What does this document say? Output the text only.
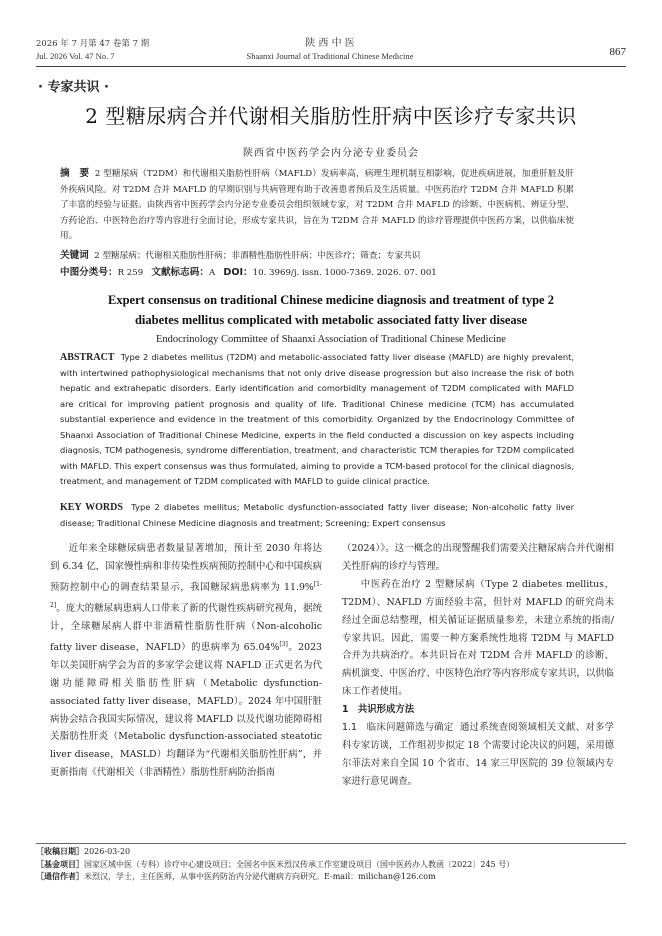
2026 年 7 月第 47 卷第 7 期
Jul. 2026 Vol. 47 No. 7
陕 西 中 医
Shaanxi Journal of Traditional Chinese Medicine	867
· 专家共识 ·
2 型糖尿病合并代谢相关脂肪性肝病中医诊疗专家共识
陕西省中医药学会内分泌专业委员会
摘　要 2 型糖尿病（T2DM）和代谢相关脂肪性肝病（MAFLD）发病率高，病理生理机制互相影响，促进疾病进展，加重肝脏及肝外疾病风险。对 T2DM 合并 MAFLD 的早期识别与共病管理有助于改善患者预后及生活质量。中医药治疗 T2DM 合并 MAFLD 积累了丰富的经验与证据。由陕西省中医药学会内分泌专业委员会组织领域专家，对 T2DM 合并 MAFLD 的诊断、中医病机、辨证分型、方药论治、中医特色治疗等内容进行全面讨论，形成专家共识，旨在为 T2DM 合并 MAFLD 的诊疗管理提供中医药方案，以供临床使用。
关键词 2 型糖尿病；代谢相关脂肪性肝病；非酒精性脂肪性肝病；中医诊疗；筛查；专家共识
中图分类号：R 259 文献标志码：A DOI：10. 3969/j. issn. 1000-7369. 2026. 07. 001
Expert consensus on traditional Chinese medicine diagnosis and treatment of type 2
diabetes mellitus complicated with metabolic associated fatty liver disease
Endocrinology Committee of Shaanxi Association of Traditional Chinese Medicine
ABSTRACT Type 2 diabetes mellitus (T2DM) and metabolic-associated fatty liver disease (MAFLD) are highly prevalent, with intertwined pathophysiological mechanisms that not only drive disease progression but also increase the risk of both hepatic and extrahepatic disorders. Early identification and comorbidity management of T2DM complicated with MAFLD are critical for improving patient prognosis and quality of life. Traditional Chinese medicine (TCM) has accumulated substantial experience and evidence in the treatment of this comorbidity. Organized by the Endocrinology Committee of Shaanxi Association of Traditional Chinese Medicine, experts in the field conducted a discussion on key aspects including diagnosis, TCM pathogenesis, syndrome differentiation, treatment, and characteristic TCM therapies for T2DM complicated with MAFLD. This expert consensus was thus formulated, aiming to provide a TCM-based protocol for the clinical diagnosis, treatment, and management of T2DM complicated with MAFLD to guide clinical practice.
KEY WORDS Type 2 diabetes mellitus; Metabolic dysfunction-associated fatty liver disease; Non-alcoholic fatty liver disease; Traditional Chinese Medicine diagnosis and treatment; Screening; Expert consensus
近年来全球糖尿病患者数量显著增加，预计至 2030 年将达到 6.34 亿，国家慢性病和非传染性疾病预防控制中心和中国疾病预防控制中心的调查结果显示，我国糖尿病患病率为 11.9%[1-2]。庞大的糖尿病患病人口带来了新的代谢性疾病研究视角，据统计，全球糖尿病人群中非酒精性脂肪性肝病（Non-alcoholic fatty liver disease，NAFLD）的患病率为 65.04%[3]。2023 年以美国肝病学会为首的多家学会建议将 NAFLD 正式更名为代谢功能障碍相关脂肪性肝病（Metabolic dysfunction-associated fatty liver disease，MAFLD）。2024 年中国肝脏病协会结合我国实际情况，建议将 MAFLD 以及代谢功能障碍相关脂肪性肝炎（Metabolic dysfunction-associated steatotic liver disease，MASLD）均翻译为“代谢相关脂肪性肝病”，并更新指南《代谢相关（非酒精性）脂肪性肝病防治指南
（2024）》。这一概念的出现警醒我们需要关注糖尿病合并代谢相关性肝病的诊疗与管理。
中医药在治疗 2 型糖尿病（Type 2 diabetes mellitus，T2DM）、NAFLD 方面经验丰富，但针对 MAFLD 的研究尚未经过全面总结整理，相关循证证据质量参差，未建立系统的指南/专家共识。因此，需要一种方案系统性地将 T2DM 与 MAFLD 合并为共病治疗。本共识旨在对 T2DM 合并 MAFLD 的诊断、病机演变、中医治疗、中医特色治疗等内容形成专家共识，以供临床工作者使用。
1　共识形成方法
1.1　临床问题筛选与确定 通过系统查阅领域相关文献、对多学科专家访谈，工作组初步拟定 18 个需要讨论决议的问题，采用德尔菲法对来自全国 10 个省市、14 家三甲医院的 39 位领域内专家进行意见调查。
［收稿日期］2026-03-20
［基金项目］国家区域中医（专科）诊疗中心建设项目；全国名中医米烈汉传承工作室建设项目（国中医药办人教函〔2022〕245 号）
［通信作者］米烈汉，学士，主任医师，从事中医药防治内分泌代谢病方向研究。E-mail：milichan@126.com
